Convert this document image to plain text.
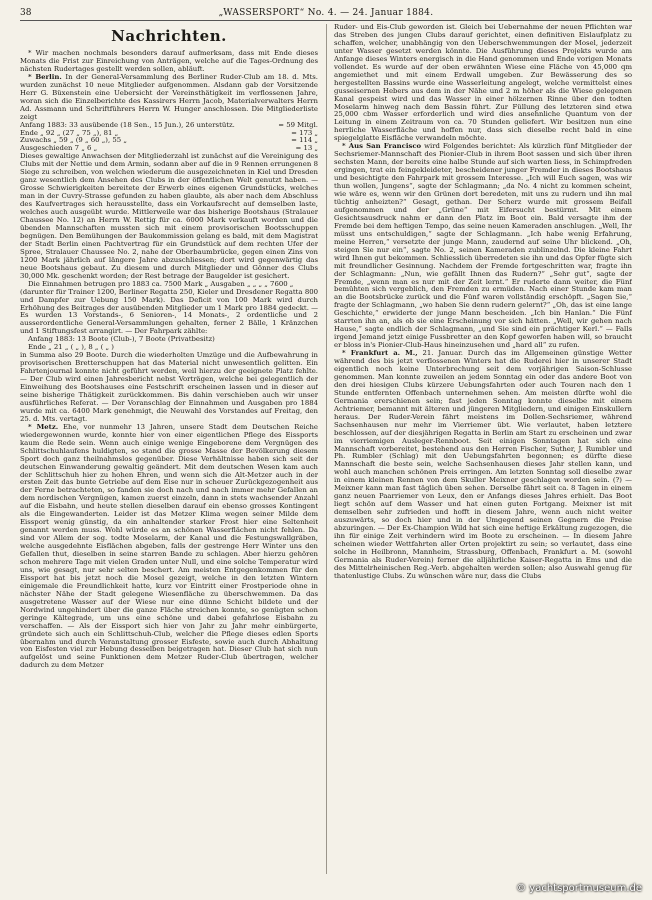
38	„WASSERSPORT“ No. 4. — 24. Januar 1884.
Nachrichten.

* Wir machen nochmals besonders darauf aufmerksam, dass mit Ende dieses Monats die Frist zur Einreichung von Anträgen, welche auf die Tages-Ordnung des nächsten Rudertages gestellt werden sollen, abläuft.

* Berlin. In der General-Versammlung des Berliner Ruder-Club am 18. d. Mts. wurden zunächst 10 neue Mitglieder aufgenommen. Alsdann gab der Vorsitzende Herr G. Büxenstein eine Uebersicht der Vereinsthätigkeit im verflossenen Jahre, woran sich die Einzelberichte des Kassirers Herrn Jacob, Materialverwalters Herrn Ad. Assmann und Schriftführers Herrn W. Hunger anschlossen. Die Mitgliederliste zeigt

Anfang 1883: 33 ausübende (18 Sen., 15 Jun.), 26 unterstütz.	= 59 Mitgl.
Ende „ 92 „ (27 „ 75 „), 81 „	= 173 „
Zuwachs „ 59 „ (9 „ 60 „), 55 „	= 114 „
Ausgeschieden 7 „ 6 „	= 13 „

Dieses gewaltige Anwachsen der Mitgliederzahl ist zunächst auf die Vereinigung des Clubs mit der Nettie und dem Armin, sodann aber auf die in 9 Rennen errungenen 8 Siege zu schreiben, von welchen wiederum die ausgezeichneten in Kiel und Dresden ganz wesentlich dem Ansehen des Clubs in der öffentlichen Welt genutzt haben. — Grosse Schwierigkeiten bereitete der Erwerb eines eigenen Grundstücks, welches man in der Cuvry-Strasse gefunden zu haben glaubte, als aber nach dem Abschluss des Kaufvertrages sich herausstellte, dass ein Vorkaufsrecht auf demselben laste, welches auch ausgeübt wurde. Mittlerweile war das bisherige Bootshaus (Stralauer Chaussee No. 12) an Herrn W. Rettig für ca. 6000 Mark verkauft worden und die übenden Mannschaften mussten sich mit einem provisorischen Bootsschuppen begnügen. Den Bemühungen der Baukommission gelang es bald, mit dem Magistrat der Stadt Berlin einen Pachtvertrag für ein Grundstück auf dem rechten Ufer der Spree, Stralauer Chaussee No. 2, nahe der Oberbaumbrücke, gegen einen Zins von 1200 Mark jährlich auf längere Jahre abzuschliessen; dort wird gegenwärtig das neue Bootshaus gebaut. Zu diesem und durch Mitglieder und Gönner des Clubs 30,000 Mk. geschenkt worden; der Rest betrage der Baugelder ist gesichert.

Die Einnahmen betrugen pro 1883 ca. 7500 Mark „ Ausgaben „ „ „ „ 7600 „

(darunter für Trainer 1200, Berliner Regatta 250, Kieler und Dresdener Regatta 800 und Dampfer zur Uebung 150 Mark). Das Deficit von 100 Mark wird durch Erhöhung des Beitrages der ausübenden Mitglieder um 1 Mark pro 1884 gedeckt. — Es wurden 13 Vorstands-, 6 Senioren-, 14 Monats-, 2 ordentliche und 2 ausserordentliche General-Versammlungen gehalten, ferner 2 Bälle, 1 Kränzchen und 1 Stiftungsfest arrangirt. — Der Fahrpark zählte:

Anfang 1883: 13 Boote (Club-), 7 Boote (Privatbesitz)

Ende „ 21 „ ( „ ), 8 „ ( „ )

in Summa also 29 Boote. Durch die wiederholten Umzüge und die Aufbewahrung in provisorischen Bretterschuppen hat das Material nicht unwesentlich gelitten. Ein Fahrtenjournal konnte nicht geführt werden, weil hierzu der geeignete Platz fehlte. — Der Club wird einen Jahresbericht nebst Vorträgen, welche bei gelegentlich der Einweihung des Bootshauses eine Festschrift erscheinen lassen und in dieser auf seine bisherige Thätigkeit zurückkommen. Bis dahin verschieben auch wir unser ausführliches Referat. — Der Voranschlag der Einnahmen und Ausgaben pro 1884 wurde mit ca. 6400 Mark genehmigt, die Neuwahl des Vorstandes auf Freitag, den 25. d. Mts. vertagt.

* Metz. Ehe, vor nunmehr 13 Jahren, unsere Stadt dem Deutschen Reiche wiedergewonnen wurde, konnte hier von einer eigentlichen Pflege des Eissports kaum die Rede sein. Wenn auch einige wenige Eingeborene dem Vergnügen des Schlittschuhlaufens huldigten, so stand die grosse Masse der Bevölkerung diesem Sport doch ganz theilnahmslos gegenüber. Diese Verhältnisse haben sich seit der deutschen Einwanderung gewaltig geändert. Mit dem deutschen Wesen kam auch der Schlittschuh hier zu hohen Ehren, und wenn sich die Alt-Metzer auch in der ersten Zeit das bunte Getriebe auf dem Eise nur in scheuer Zurückgezogenheit aus der Ferne betrachteten, so fanden sie doch nach und nach immer mehr Gefallen an dem nordischen Vergnügen, kamen zuerst einzeln, dann in stets wachsender Anzahl auf die Eisbahn, und heute stellen dieselben darauf ein ebenso grosses Kontingent als die Eingewanderten. Leider ist das Metzer Klima wegen seiner Milde dem Eissport wenig günstig, da ein anhaltender starker Frost hier eine Seltenheit genannt werden muss. Wohl würde es an schönen Wasserflächen nicht fehlen. Da sind vor Allem der sog. todte Moselarm, der Kanal und die Festungswallgräben, welche ausgedehnte Eisflächen abgeben, falls der gestrenge Herr Winter uns den Gefallen thut, dieselben in seine starren Bande zu schlagen. Aber hierzu gehören schon mehrere Tage mit vielen Graden unter Null, und eine solche Temperatur wird uns, wie gesagt, nur sehr selten beschert. Am meisten Entgegenkommen für den Eissport hat bis jetzt noch die Mosel gezeigt, welche in den letzten Wintern einigemale die Freundlichkeit hatte, kurz vor Eintritt einer Frostperiode ohne in nächster Nähe der Stadt gelegene Wiesenfläche zu überschwemmen. Da das ausgetretene Wasser auf der Wiese nur eine dünne Schicht bildete und der Nordwind ungehindert über die ganze Fläche streichen konnte, so genügten schon geringe Kältegrade, um uns eine schöne und dabei gefahrlose Eisbahn zu verschaffen. — Als der Eissport sich hier von Jahr zu Jahr mehr einbürgerte, gründete sich auch ein Schlittschuh-Club, welcher die Pflege dieses edlen Sports übernahm und durch Veranstaltung grosser Eisfeste, sowie auch durch Abhaltung von Eisfesten viel zur Hebung desselben beigetragen hat. Dieser Club hat sich nun aufgelöst und seine Funktionen dem Metzer Ruder-Club übertragen, welcher dadurch zu dem Metzer

Ruder- und Eis-Club geworden ist. Gleich bei Uebernahme der neuen Pflichten war das Streben des jungen Clubs darauf gerichtet, einen definitiven Eislaufplatz zu schaffen, welcher, unabhängig von den Ueberschwemmungen der Mosel, jederzeit unter Wasser gesetzt werden könnte. Die Ausführung dieses Projekts wurde am Anfange dieses Winters energisch in die Hand genommen und Ende vorigen Monats vollendet. Es wurde auf der oben erwähnten Wiese eine Fläche von 45,000 qm angemiethet und mit einem Erdwall umgeben. Zur Bewässerung des so hergestellten Bassins wurde eine Wasserleitung angelegt, welche vermittelst eines gusseisernen Hebers aus dem in der Nähe und 2 m höher als die Wiese gelegenen Kanal gespeist wird und das Wasser in einer hölzernen Rinne über den todten Moselarm hinweg nach dem Bassin führt. Zur Füllung des letzteren sind etwa 25,000 cbm Wasser erforderlich und wird dies ansehnliche Quantum von der Leitung in einem Zeitraum von ca. 70 Stunden geliefert. Wir besitzen nun eine herrliche Wasserfläche und hoffen nur, dass sich dieselbe recht bald in eine spiegelglatte Eisfläche verwandeln möchte.

* Aus San Francisco wird Folgendes berichtet: Als kürzlich fünf Mitglieder der Sechsriemer-Mannschaft des Pionier-Club in ihrem Boot sassen und sich über ihren sechsten Mann, der bereits eine halbe Stunde auf sich warten liess, in Schimpfreden ergingen, trat ein feingekleideter, bescheidener junger Fremder in dieses Bootshaus und besichtigte den Fahrpark mit grossem Interesse. „Ich will Euch sagen, was wir thun wollen, Jungens“, sagte der Schlagmann; „da No. 4 nicht zu kommen scheint, wie wäre es, wenn wir den Grünen dort beredeten, mit uns zu rudern und ihn mal tüchtig anheizten?“ Gesagt, gethan. Der Scherz wurde mit grossem Beifall aufgenommen und der „Grüne“ mit Eifersucht bestürmt. Mit einem Gesichtsausdruck nahm er dann den Platz im Boot ein. Bald versagte ihm der Fremde bei dem heftigen Tempo, das seine neuen Kameraden anschlugen. „Well, Ihr müsst uns entschuldigen,“ sagte der Schlagmann. „Ich habe wenig Erfahrung, meine Herren,“ versetzte der junge Mann, zaudernd auf seine Uhr blickend. „Oh, steigen Sie nur ein“, sagte No. 2, seinen Kameraden zublinzelnd. Die kleine Fahrt wird Ihnen gut bekommen. Schliesslich überredeten sie ihn und das Opfer fügte sich mit freundlicher Gesinnung. Nachdem der Fremde fortgeschritten war, fragte ihn der Schlagmann: „Nun, wie gefällt Ihnen das Rudern?“ „Sehr gut“, sagte der Fremde, „wenn man es nur mit der Zeit lernt.“ Er ruderte dann weiter, die Fünf bemühten sich vergeblich, den Fremden zu ermüden. Nach einer Stunde kam man an die Bootsbrücke zurück und die Fünf waren vollständig erschöpft. „Sagen Sie,“ fragte der Schlagmann, „wo haben Sie denn rudern gelernt?“ „Oh, das ist eine lange Geschichte,“ erwiderte der junge Mann bescheiden. „Ich bin Hanlan.“ Die Fünf starrten ihn an, als ob sie eine Erscheinung vor sich hätten. „Well, wir gehen nach Hause,“ sagte endlich der Schlagmann, „und Sie sind ein prächtiger Kerl.“ — Falls irgend Jemand jetzt einige Fussbretter an den Kopf geworfen haben will, so braucht er bloss in's Pionier-Club-Haus hineinzusehen und „hard all“ zu rufen.

* Frankfurt a. M., 21. Januar. Durch das im Allgemeinen günstige Wetter während des bis jetzt verflossenen Winters hat die Ruderei hier in unserer Stadt eigentlich noch keine Unterbrechung seit dem vorjährigen Saison-Schlusse genommen. Man konnte zuweilen an jedem Sonntag ein oder das andere Boot von den drei hiesigen Clubs kürzere Uebungsfahrten oder auch Touren nach den 1 Stunde entfernten Offenbach unternehmen sehen. Am meisten dürfte wohl die Germania ererschienen sein; fast jeden Sonntag konnte dieselbe mit einem Achtriemer, bemannt mit älteren und jüngeren Mitgliedern, und einigen Einskullern heraus. Der Ruder-Verein fährt meistens im Dollen-Sechsriemer, während Sachsenhausen nur mehr im Vierriemer übt. Wie verlautet, haben letztere beschlossen, auf der diesjährigen Regatta in Berlin am Start zu erscheinen und zwar im vierriemigen Ausleger-Rennboot. Seit einigen Sonntagen hat sich eine Mannschaft vorbereitet, bestehend aus den Herren Fischer, Suther, J. Rumbler und Ph. Rumbler (Schlag) mit den Uebungsfahrten begonnen; es dürfte diese Mannschaft die beste sein, welche Sachsenhausen dieses Jahr stellen kann, und wohl auch manchen schönen Preis erringen. Am letzten Sonntag soll dieselbe zwar in einem kleinen Rennen von dem Skuller Meixner geschlagen worden sein. (?) — Meixner kann man fast täglich üben sehen. Derselbe fährt seit ca. 8 Tagen in einem ganz neuen Paarriemer von Leux, den er Anfangs dieses Jahres erhielt. Das Boot liegt schön auf dem Wasser und hat einen guten Fortgang. Meixner ist mit demselben sehr zufrieden und hofft in diesem Jahre, wenn auch nicht weiter auszuwärts, so doch hier und in der Umgegend seinen Gegnern die Preise abzuringen. — Der Ex-Champion Wild hat sich eine heftige Erkältung zugezogen, die ihn für einige Zeit verhindern wird im Boote zu erscheinen. — In diesem Jahre scheinen wieder Wettfahrten aller Orten projektirt zu sein; so verlautet, dass eine solche in Heilbronn, Mannheim, Strassburg, Offenbach, Frankfurt a. M. (sowohl Germania als Ruder-Verein) ferner die alljährliche Kaiser-Regatta in Ems und die des Mittelrheinischen Reg.-Verb. abgehalten werden sollen; also Auswahl genug für thatenlustige Clubs. Zu wünschen wäre nur, dass die Clubs

© yachtsportmuseum.de
